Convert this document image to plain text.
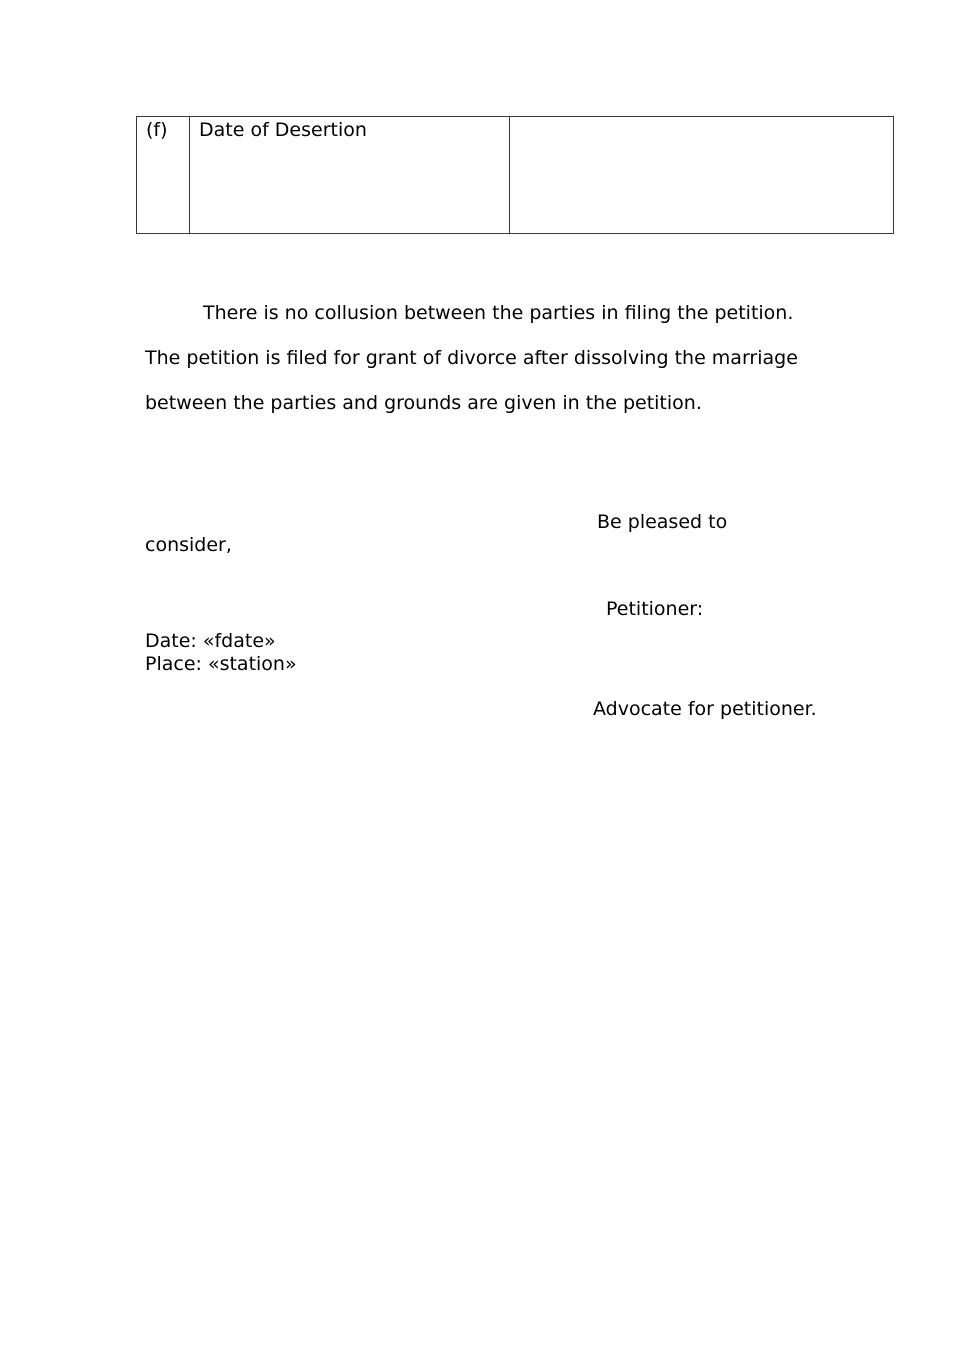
(f)	Date of Desertion

There is no collusion between the parties in filing the petition.

The petition is filed for grant of divorce after dissolving the marriage

between the parties and grounds are given in the petition.

Be pleased to

consider,

Petitioner:

Date: «fdate»

Place: «station»

Advocate for petitioner.
